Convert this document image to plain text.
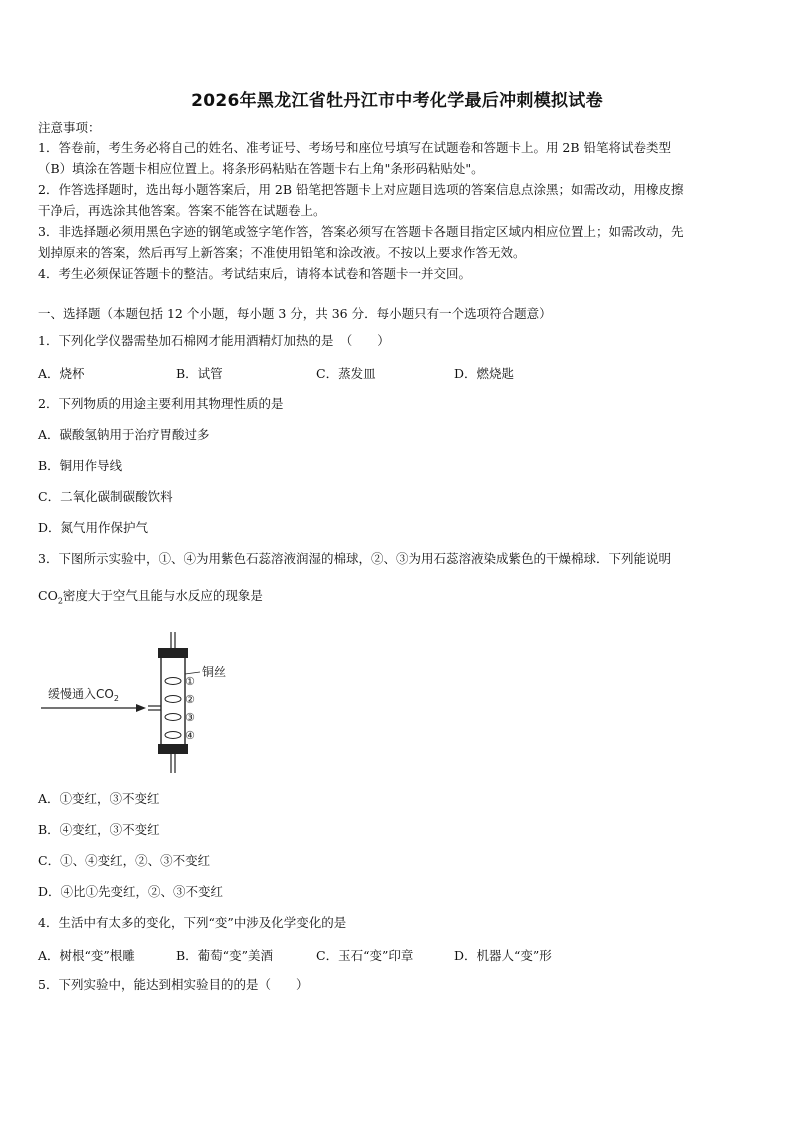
2026年黑龙江省牡丹江市中考化学最后冲刺模拟试卷
注意事项：
1．答卷前，考生务必将自己的姓名、准考证号、考场号和座位号填写在试题卷和答题卡上。用 2B 铅笔将试卷类型
（B）填涂在答题卡相应位置上。将条形码粘贴在答题卡右上角"条形码粘贴处"。
2．作答选择题时，选出每小题答案后，用 2B 铅笔把答题卡上对应题目选项的答案信息点涂黑；如需改动，用橡皮擦
干净后，再选涂其他答案。答案不能答在试题卷上。
3．非选择题必须用黑色字迹的钢笔或签字笔作答，答案必须写在答题卡各题目指定区域内相应位置上；如需改动，先
划掉原来的答案，然后再写上新答案；不准使用铅笔和涂改液。不按以上要求作答无效。
4．考生必须保证答题卡的整洁。考试结束后，请将本试卷和答题卡一并交回。
一、选择题（本题包括 12 个小题，每小题 3 分，共 36 分．每小题只有一个选项符合题意）
1．下列化学仪器需垫加石棉网才能用酒精灯加热的是　（　　）
A．烧杯	B．试管	C．蒸发皿	D．燃烧匙
2．下列物质的用途主要利用其物理性质的是
A．碳酸氢钠用于治疗胃酸过多
B．铜用作导线
C．二氧化碳制碳酸饮料
D．氮气用作保护气
3．下图所示实验中，①、④为用紫色石蕊溶液润湿的棉球，②、③为用石蕊溶液染成紫色的干燥棉球．下列能说明
$CO_2$密度大于空气且能与水反应的现象是
缓慢通入$CO_2$
铜丝
①
②
③
④
A．①变红，③不变红
B．④变红，③不变红
C．①、④变红，②、③不变红
D．④比①先变红，②、③不变红
4．生活中有太多的变化，下列“变”中涉及化学变化的是
A．树根“变”根雕	B．葡萄“变”美酒	C．玉石“变”印章	D．机器人“变”形
5．下列实验中，能达到相实验目的的是（　　）
